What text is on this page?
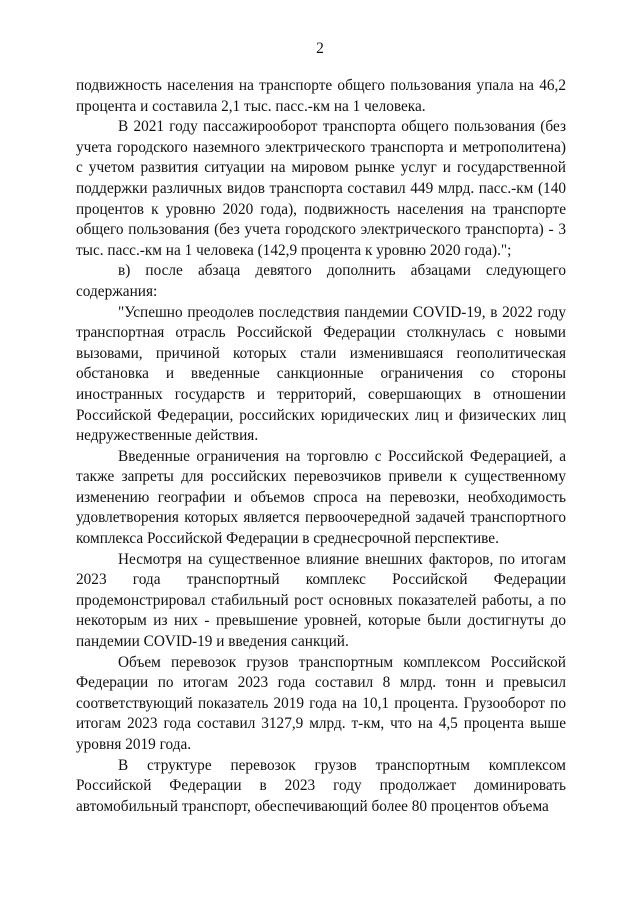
2

подвижность населения на транспорте общего пользования упала на 46,2 процента и составила 2,1 тыс. пасс.-км на 1 человека.

В 2021 году пассажирооборот транспорта общего пользования (без учета городского наземного электрического транспорта и метрополитена) с учетом развития ситуации на мировом рынке услуг и государственной поддержки различных видов транспорта составил 449 млрд. пасс.-км (140 процентов к уровню 2020 года), подвижность населения на транспорте общего пользования (без учета городского электрического транспорта) - 3 тыс. пасс.-км на 1 человека (142,9 процента к уровню 2020 года).";

в) после абзаца девятого дополнить абзацами следующего содержания:

"Успешно преодолев последствия пандемии COVID-19, в 2022 году транспортная отрасль Российской Федерации столкнулась с новыми вызовами, причиной которых стали изменившаяся геополитическая обстановка и введенные санкционные ограничения со стороны иностранных государств и территорий, совершающих в отношении Российской Федерации, российских юридических лиц и физических лиц недружественные действия.

Введенные ограничения на торговлю с Российской Федерацией, а также запреты для российских перевозчиков привели к существенному изменению географии и объемов спроса на перевозки, необходимость удовлетворения которых является первоочередной задачей транспортного комплекса Российской Федерации в среднесрочной перспективе.

Несмотря на существенное влияние внешних факторов, по итогам 2023 года транспортный комплекс Российской Федерации продемонстрировал стабильный рост основных показателей работы, а по некоторым из них - превышение уровней, которые были достигнуты до пандемии COVID-19 и введения санкций.

Объем перевозок грузов транспортным комплексом Российской Федерации по итогам 2023 года составил 8 млрд. тонн и превысил соответствующий показатель 2019 года на 10,1 процента. Грузооборот по итогам 2023 года составил 3127,9 млрд. т-км, что на 4,5 процента выше уровня 2019 года.

В структуре перевозок грузов транспортным комплексом Российской Федерации в 2023 году продолжает доминировать автомобильный транспорт, обеспечивающий более 80 процентов объема
